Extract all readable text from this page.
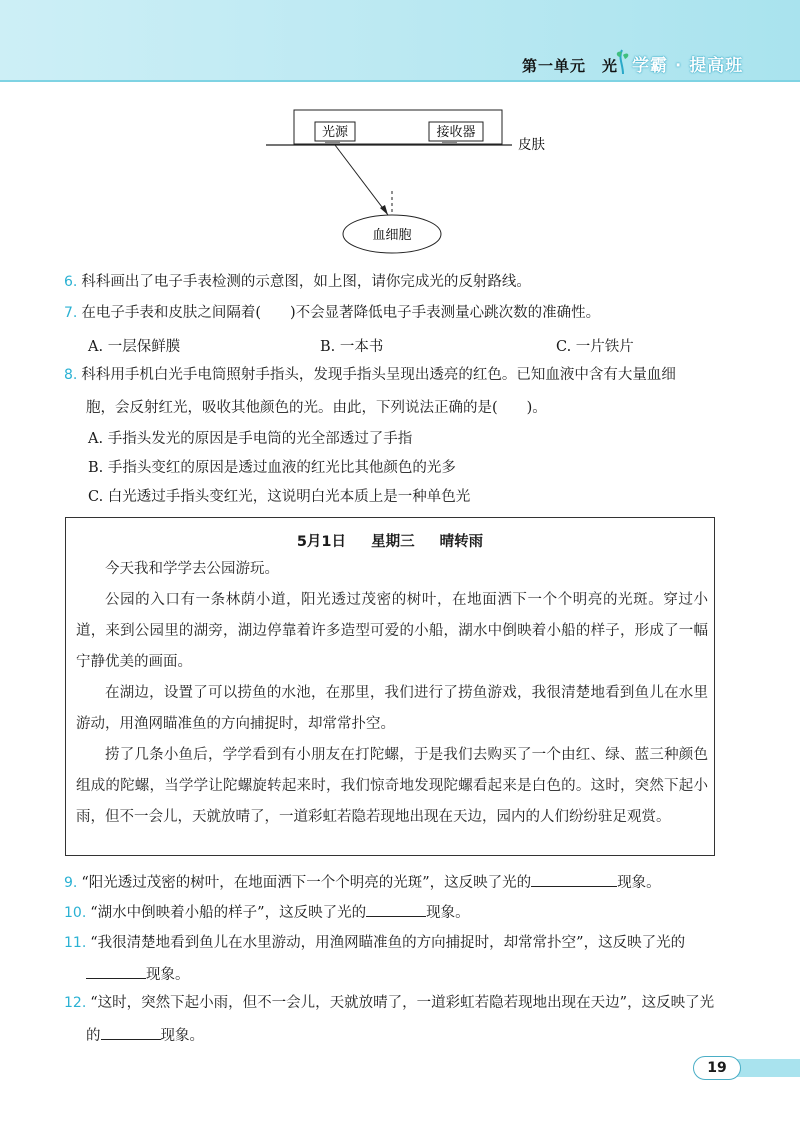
第一单元　光 学霸 · 提高班
光源	接收器
皮肤
血细胞
6. 科科画出了电子手表检测的示意图，如上图，请你完成光的反射路线。
7. 在电子手表和皮肤之间隔着(　　)不会显著降低电子手表测量心跳次数的准确性。
A. 一层保鲜膜	B. 一本书	C. 一片铁片
8. 科科用手机白光手电筒照射手指头，发现手指头呈现出透亮的红色。已知血液中含有大量血细
胞，会反射红光，吸收其他颜色的光。由此，下列说法正确的是(　　)。
A. 手指头发光的原因是手电筒的光全部透过了手指
B. 手指头变红的原因是透过血液的红光比其他颜色的光多
C. 白光透过手指头变红光，这说明白光本质上是一种单色光
5月1日 星期三 晴转雨
今天我和学学去公园游玩。
公园的入口有一条林荫小道，阳光透过茂密的树叶，在地面洒下一个个明亮的光斑。穿过小道，来到公园里的湖旁，湖边停靠着许多造型可爱的小船，湖水中倒映着小船的样子，形成了一幅宁静优美的画面。
在湖边，设置了可以捞鱼的水池，在那里，我们进行了捞鱼游戏，我很清楚地看到鱼儿在水里游动，用渔网瞄准鱼的方向捕捉时，却常常扑空。
捞了几条小鱼后，学学看到有小朋友在打陀螺，于是我们去购买了一个由红、绿、蓝三种颜色组成的陀螺，当学学让陀螺旋转起来时，我们惊奇地发现陀螺看起来是白色的。这时，突然下起小雨，但不一会儿，天就放晴了，一道彩虹若隐若现地出现在天边，园内的人们纷纷驻足观赏。
9. “阳光透过茂密的树叶，在地面洒下一个个明亮的光斑”，这反映了光的	现象。
10. “湖水中倒映着小船的样子”，这反映了光的	现象。
11. “我很清楚地看到鱼儿在水里游动，用渔网瞄准鱼的方向捕捉时，却常常扑空”，这反映了光的
现象。
12. “这时，突然下起小雨，但不一会儿，天就放晴了，一道彩虹若隐若现地出现在天边”，这反映了光
的	现象。
19
